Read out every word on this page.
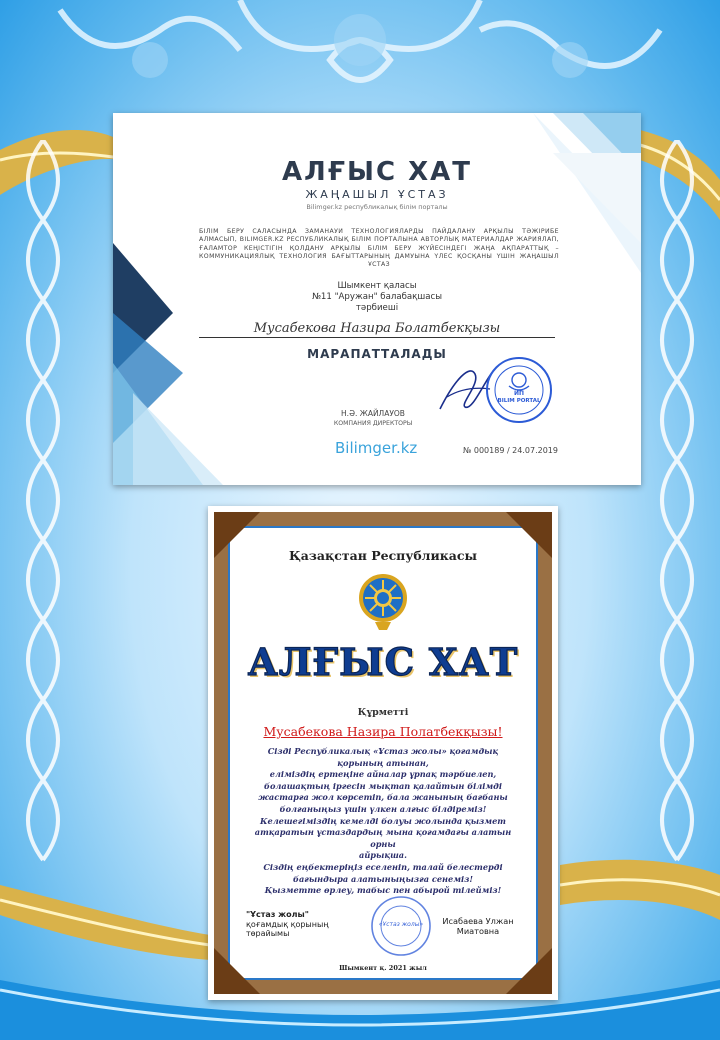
АЛҒЫС ХАТ
ЖАҢАШЫЛ ҰСТАЗ
Bilimger.kz республикалық білім порталы
БІЛІМ БЕРУ САЛАСЫНДА ЗАМАНАУИ ТЕХНОЛОГИЯЛАРДЫ ПАЙДАЛАНУ АРҚЫЛЫ ТӘЖІРИБЕ АЛМАСЫП, BILIMGER.KZ РЕСПУБЛИКАЛЫҚ БІЛІМ ПОРТАЛЫНА АВТОРЛЫҚ МАТЕРИАЛДАР ЖАРИЯЛАП, ҒАЛАМТОР КЕҢІСТІГІН ҚОЛДАНУ АРҚЫЛЫ БІЛІМ БЕРУ ЖҮЙЕСІНДЕГІ ЖАҢА АҚПАРАТТЫҚ – КОММУНИКАЦИЯЛЫҚ ТЕХНОЛОГИЯ БАҒЫТТАРЫНЫҢ ДАМУЫНА ҮЛЕС ҚОСҚАНЫ ҮШІН ЖАҢАШЫЛ ҰСТАЗ
Шымкент қаласы
№11 "Аружан" балабақшасы
тәрбиеші
Мусабекова Назира Болатбекқызы
МАРАПАТТАЛАДЫ
ИП
BILIM PORTAL
Н.Ә. ЖАЙЛАУОВ
КОМПАНИЯ ДИРЕКТОРЫ
Bilimger.kz	№ 000189 / 24.07.2019
Қазақстан Республикасы
АЛҒЫС ХАТ
Құрметті
Мусабекова Назира Полатбекқызы!
Сізді Республикалық «Ұстаз жолы» қоғамдық
қорының атынан,
еліміздің ертеңіне айналар ұрпақ тәрбиелеп,
болашақтың іргесін мықтап қалайтын білімді
жастарға жол көрсетіп, бала жанының бағбаны
болғаныңыз үшін үлкен алғыс білдіреміз!
Келешегіміздің кемелді болуы жолында қызмет
атқаратын ұстаздардың мына қоғамдағы алатын орны
айрықша.
Сіздің еңбектеріңіз еселеніп, талай белестерді
бағындыра алатыныңызға сенеміз!
Қызметте өрлеу, табыс пен абырой тілейміз!
"Ұстаз жолы"
қоғамдық қорының
төрайымы
«Ұстаз жолы»	Исабаева Улжан
Миатовна
Шымкент қ. 2021 жыл
